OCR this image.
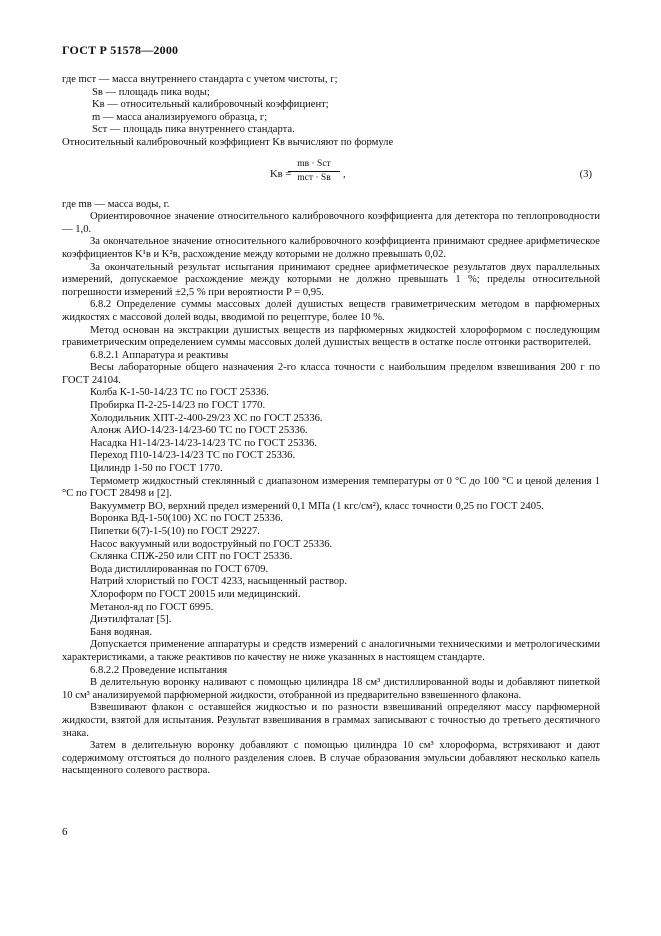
ГОСТ Р 51578—2000

где mст — масса внутреннего стандарта с учетом чистоты, г;

Sв — площадь пика воды;

Kв — относительный калибровочный коэффициент;

m — масса анализируемого образца, г;

Sст — площадь пика внутреннего стандарта.

Относительный калибровочный коэффициент Kв вычисляют по формуле

Kв =
mв · Sст
mст · Sв	,	(3)

где mв — масса воды, г.

Ориентировочное значение относительного калибровочного коэффициента для детектора по теплопроводности — 1,0.

За окончательное значение относительного калибровочного коэффициента принимают среднее арифметическое коэффициентов K¹в и K²в, расхождение между которыми не должно превышать 0,02.

За окончательный результат испытания принимают среднее арифметическое результатов двух параллельных измерений, допускаемое расхождение между которыми не должно превышать 1 %; пределы относительной погрешности измерений ±2,5 % при вероятности P = 0,95.

6.8.2 Определение суммы массовых долей душистых веществ гравиметрическим методом в парфюмерных жидкостях с массовой долей воды, вводимой по рецептуре, более 10 %.

Метод основан на экстракции душистых веществ из парфюмерных жидкостей хлороформом с последующим гравиметрическим определением суммы массовых долей душистых веществ в остатке после отгонки растворителей.

6.8.2.1 Аппаратура и реактивы

Весы лабораторные общего назначения 2-го класса точности с наибольшим пределом взвешивания 200 г по ГОСТ 24104.

Колба К-1-50-14/23 ТС по ГОСТ 25336.

Пробирка П-2-25-14/23 по ГОСТ 1770.

Холодильник ХПТ-2-400-29/23 ХС по ГОСТ 25336.

Алонж АИО-14/23-14/23-60 ТС по ГОСТ 25336.

Насадка Н1-14/23-14/23-14/23 ТС по ГОСТ 25336.

Переход П10-14/23-14/23 ТС по ГОСТ 25336.

Цилиндр 1-50 по ГОСТ 1770.

Термометр жидкостный стеклянный с диапазоном измерения температуры от 0 °С до 100 °С и ценой деления 1 °С по ГОСТ 28498 и [2].

Вакуумметр ВО, верхний предел измерений 0,1 МПа (1 кгс/см²), класс точности 0,25 по ГОСТ 2405.

Воронка ВД-1-50(100) ХС по ГОСТ 25336.

Пипетки 6(7)-1-5(10) по ГОСТ 29227.

Насос вакуумный или водоструйный по ГОСТ 25336.

Склянка СПЖ-250 или СПТ по ГОСТ 25336.

Вода дистиллированная по ГОСТ 6709.

Натрий хлористый по ГОСТ 4233, насыщенный раствор.

Хлороформ по ГОСТ 20015 или медицинский.

Метанол-яд по ГОСТ 6995.

Диэтилфталат [5].

Баня водяная.

Допускается применение аппаратуры и средств измерений с аналогичными техническими и метрологическими характеристиками, а также реактивов по качеству не ниже указанных в настоящем стандарте.

6.8.2.2 Проведение испытания

В делительную воронку наливают с помощью цилиндра 18 см³ дистиллированной воды и добавляют пипеткой 10 см³ анализируемой парфюмерной жидкости, отобранной из предварительно взвешенного флакона.

Взвешивают флакон с оставшейся жидкостью и по разности взвешиваний определяют массу парфюмерной жидкости, взятой для испытания. Результат взвешивания в граммах записывают с точностью до третьего десятичного знака.

Затем в делительную воронку добавляют с помощью цилиндра 10 см³ хлороформа, встряхивают и дают содержимому отстояться до полного разделения слоев. В случае образования эмульсии добавляют несколько капель насыщенного солевого раствора.

6
